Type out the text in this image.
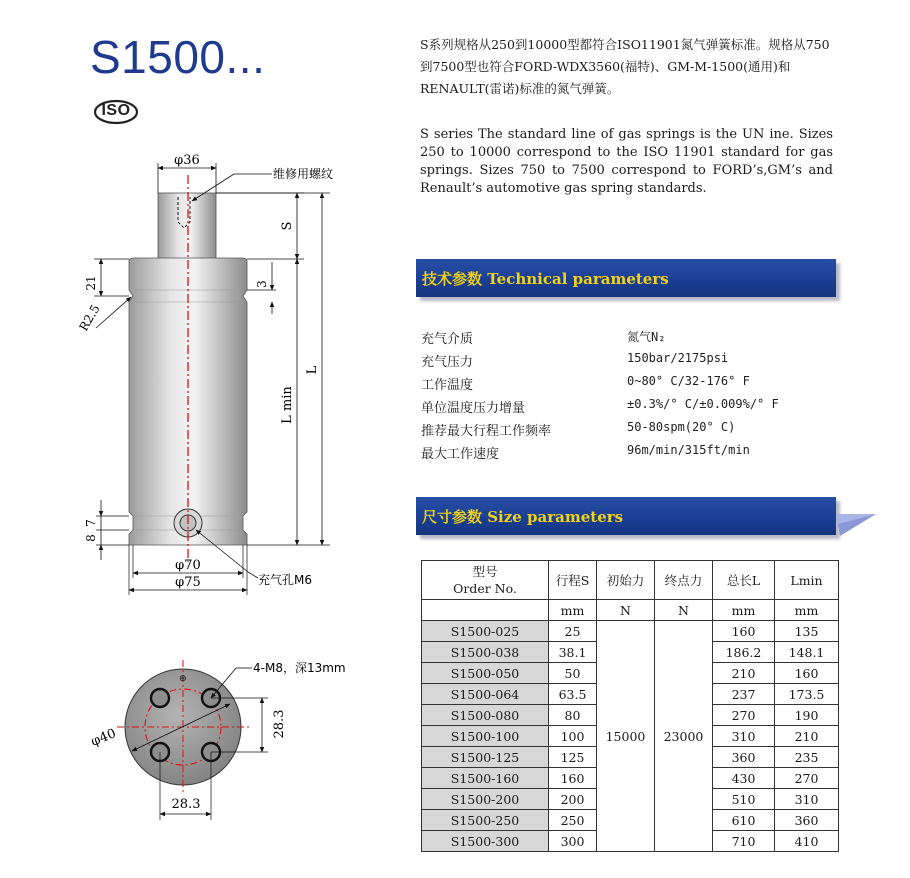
S1500...
ISO

S系列规格从250到10000型都符合ISO11901氮气弹簧标准。规格从750到7500型也符合FORD-WDX3560(福特)、GM-M-1500(通用)和RENAULT(雷诺)标准的氮气弹簧。

S series The standard line of gas springs is the UN ine. Sizes 250 to 10000 correspond to the ISO 11901 standard for gas springs. Sizes 750 to 7500 correspond to FORD’s,GM’s and Renault’s automotive gas spring standards.

技术参数 Technical parameters
充气介质	氮气N₂
充气压力	150bar/2175psi
工作温度	0~80° C/32-176° F
单位温度压力增量	±0.3%/° C/±0.009%/° F
推荐最大行程工作频率	50-80spm(20° C)
最大工作速度	96m/min/315ft/min
尺寸参数 Size parameters
型号
Order No.	行程S	初始力	终点力	总长L	Lmin
	mm	N	N	mm	mm
S1500-025	25	15000	23000	160	135
S1500-038	38.1			186.2	148.1
S1500-050	50			210	160
S1500-064	63.5			237	173.5
S1500-080	80			270	190
S1500-100	100			310	210
S1500-125	125			360	235
S1500-160	160			430	270
S1500-200	200			510	310
S1500-250	250			610	360
S1500-300	300			710	410
φ36
维修用螺纹
S
L
L min
3
21
R2.5
7
8
φ70
φ75	充气孔M6
⊕
4-M8，深13mm
φ40	28.3
28.3
